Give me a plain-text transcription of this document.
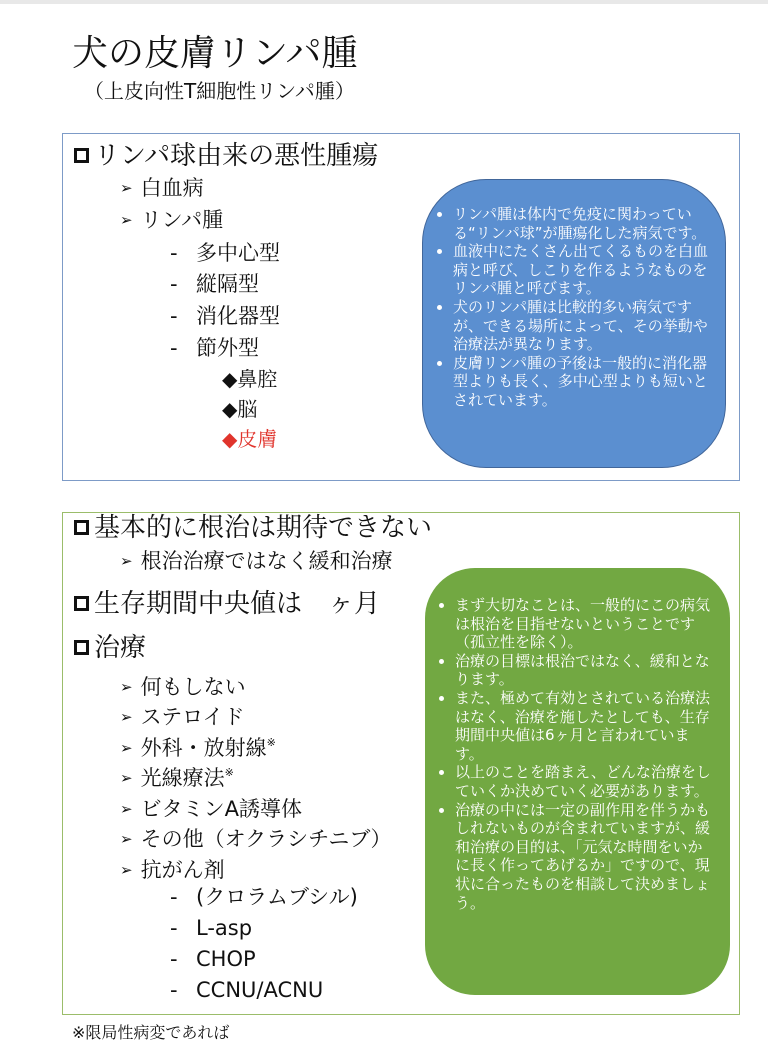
犬の皮膚リンパ腫
（上皮向性T細胞性リンパ腫）
リンパ球由来の悪性腫瘍
➢ 白血病
➢ リンパ腫
- 多中心型
- 縦隔型
- 消化器型
- 節外型
◆鼻腔
◆脳
◆皮膚
• リンパ腫は体内で免疫に関わっている“リンパ球”が腫瘍化した病気です。
• 血液中にたくさん出てくるものを白血病と呼び、しこりを作るようなものをリンパ腫と呼びます。
• 犬のリンパ腫は比較的多い病気ですが、できる場所によって、その挙動や治療法が異なります。
• 皮膚リンパ腫の予後は一般的に消化器型よりも長く、多中心型よりも短いとされています。
基本的に根治は期待できない
➢ 根治治療ではなく緩和治療
生存期間中央値は　ヶ月
治療
➢ 何もしない
➢ ステロイド
➢ 外科・放射線※
➢ 光線療法※
➢ ビタミンA誘導体
➢ その他（オクラシチニブ）
➢ 抗がん剤
- (クロラムブシル)
- L-asp
- CHOP
- CCNU/ACNU
• まず大切なことは、一般的にこの病気は根治を目指せないということです（孤立性を除く）。
• 治療の目標は根治ではなく、緩和となります。
• また、極めて有効とされている治療法はなく、治療を施したとしても、生存期間中央値は6ヶ月と言われています。
• 以上のことを踏まえ、どんな治療をしていくか決めていく必要があります。
• 治療の中には一定の副作用を伴うかもしれないものが含まれていますが、緩和治療の目的は、「元気な時間をいかに長く作ってあげるか」ですので、現状に合ったものを相談して決めましょう。
※限局性病変であれば
